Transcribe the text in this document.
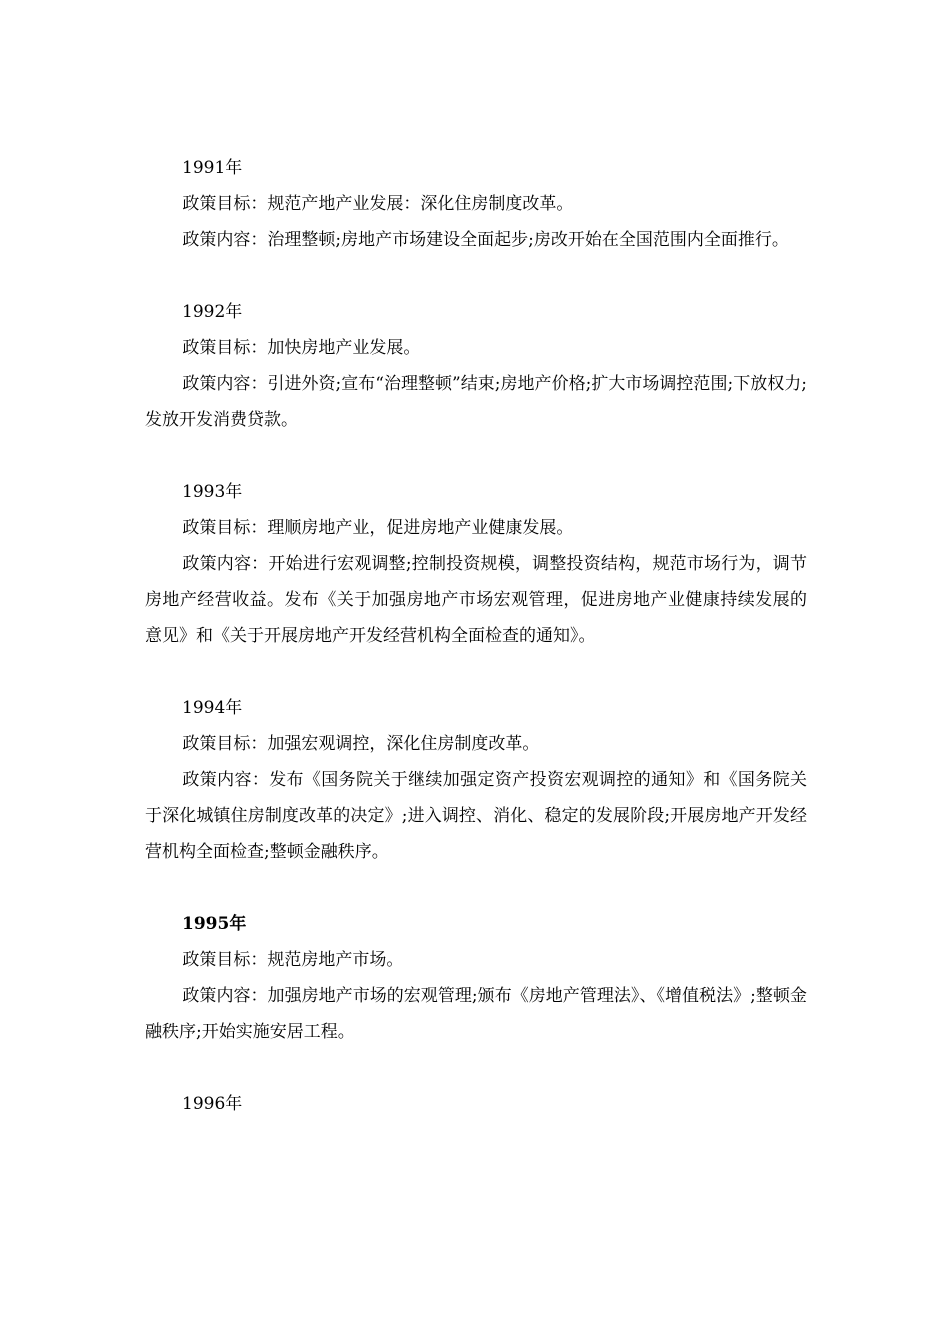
1991年

政策目标：规范产地产业发展：深化住房制度改革。

政策内容：治理整顿;房地产市场建设全面起步;房改开始在全国范围内全面推行。

1992年

政策目标：加快房地产业发展。

政策内容：引进外资;宣布“治理整顿”结束;房地产价格;扩大市场调控范围;下放权力;发放开发消费贷款。

1993年

政策目标：理顺房地产业，促进房地产业健康发展。

政策内容：开始进行宏观调整;控制投资规模，调整投资结构，规范市场行为，调节房地产经营收益。发布《关于加强房地产市场宏观管理，促进房地产业健康持续发展的意见》和《关于开展房地产开发经营机构全面检查的通知》。

1994年

政策目标：加强宏观调控，深化住房制度改革。

政策内容：发布《国务院关于继续加强定资产投资宏观调控的通知》和《国务院关于深化城镇住房制度改革的决定》;进入调控、消化、稳定的发展阶段;开展房地产开发经营机构全面检查;整顿金融秩序。

1995年

政策目标：规范房地产市场。

政策内容：加强房地产市场的宏观管理;颁布《房地产管理法》、《增值税法》;整顿金融秩序;开始实施安居工程。

1996年
